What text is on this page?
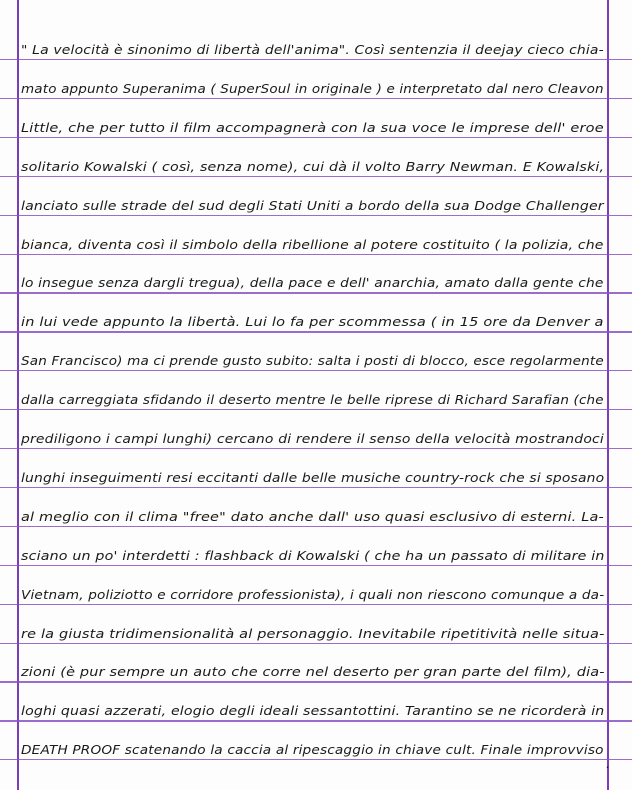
" La velocità è sinonimo di libertà dell'anima". Così sentenzia il deejay cieco chia-
mato appunto Superanima ( SuperSoul in originale ) e interpretato dal nero Cleavon
Little, che per tutto il film accompagnerà con la sua voce le imprese dell' eroe
solitario Kowalski ( così, senza nome), cui dà il volto Barry Newman. E Kowalski,
lanciato sulle strade del sud degli Stati Uniti a bordo della sua Dodge Challenger
bianca, diventa così il simbolo della ribellione al potere costituito ( la polizia, che
lo insegue senza dargli tregua), della pace e dell' anarchia, amato dalla gente che
in lui vede appunto la libertà. Lui lo fa per scommessa ( in 15 ore da Denver a
San Francisco) ma ci prende gusto subito: salta i posti di blocco, esce regolarmente
dalla carreggiata sfidando il deserto mentre le belle riprese di Richard Sarafian (che
prediligono i campi lunghi) cercano di rendere il senso della velocità mostrandoci
lunghi inseguimenti resi eccitanti dalle belle musiche country-rock che si sposano
al meglio con il clima "free" dato anche dall' uso quasi esclusivo di esterni. La-
sciano un po' interdetti : flashback di Kowalski ( che ha un passato di militare in
Vietnam, poliziotto e corridore professionista), i quali non riescono comunque a da-
re la giusta tridimensionalità al personaggio. Inevitabile ripetitività nelle situa-
zioni (è pur sempre un auto che corre nel deserto per gran parte del film), dia-
loghi quasi azzerati, elogio degli ideali sessantottini. Tarantino se ne ricorderà in
DEATH PROOF scatenando la caccia al ripescaggio in chiave cult. Finale improvviso
.
